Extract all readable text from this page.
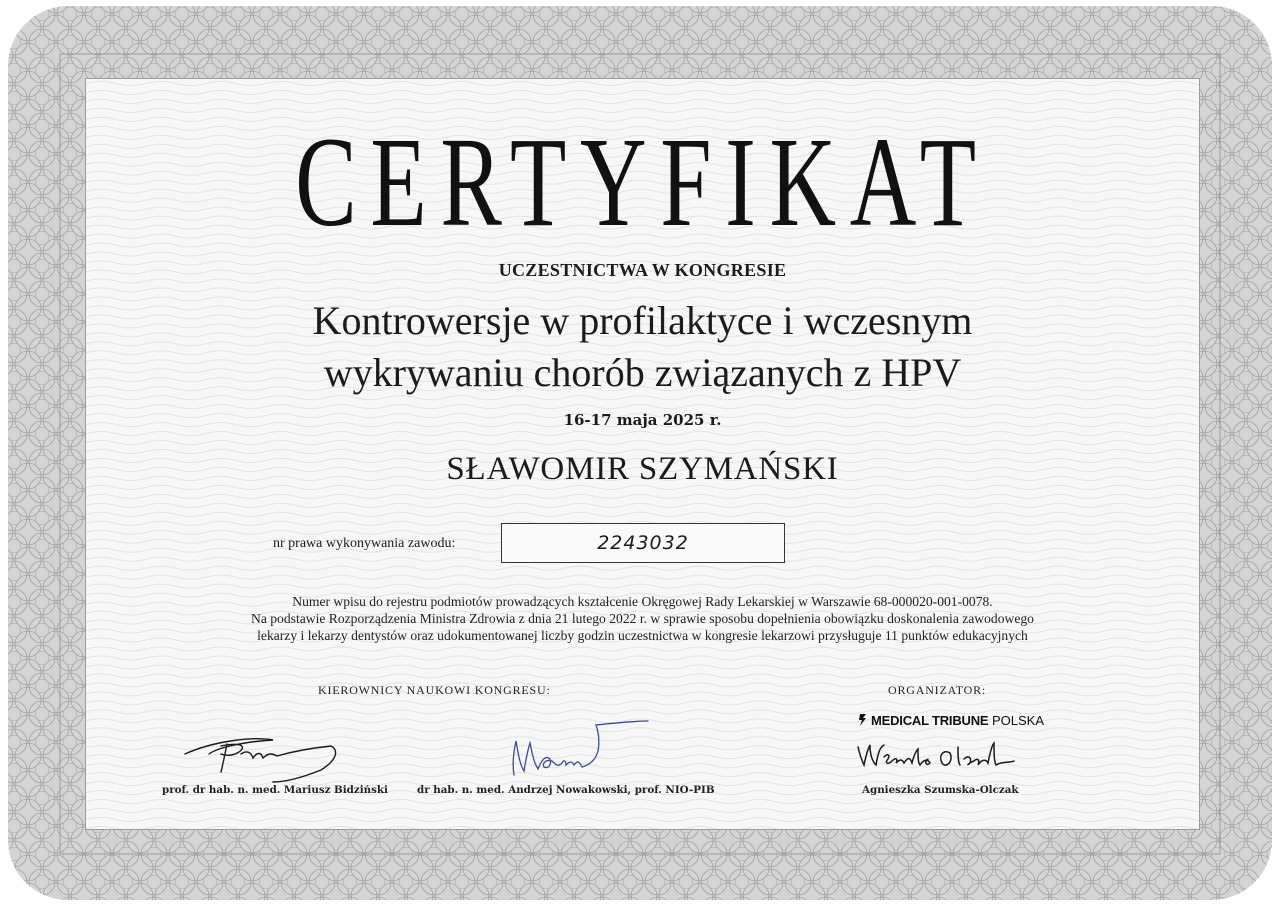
CERTYFIKAT
UCZESTNICTWA W KONGRESIE
Kontrowersje w profilaktyce i wczesnym
wykrywaniu chorób związanych z HPV
16-17 maja 2025 r.
SŁAWOMIR SZYMAŃSKI
nr prawa wykonywania zawodu:	2243032
Numer wpisu do rejestru podmiotów prowadzących kształcenie Okręgowej Rady Lekarskiej w Warszawie 68-000020-001-0078.
Na podstawie Rozporządzenia Ministra Zdrowia z dnia 21 lutego 2022 r. w sprawie sposobu dopełnienia obowiązku doskonalenia zawodowego
lekarzy i lekarzy dentystów oraz udokumentowanej liczby godzin uczestnictwa w kongresie lekarzowi przysługuje 11 punktów edukacyjnych
KIEROWNICY NAUKOWI KONGRESU:	ORGANIZATOR:
prof. dr hab. n. med. Mariusz Bidziński	dr hab. n. med. Andrzej Nowakowski, prof. NIO-PIB	Agnieszka Szumska-Olczak
MEDICAL TRIBUNE POLSKA
